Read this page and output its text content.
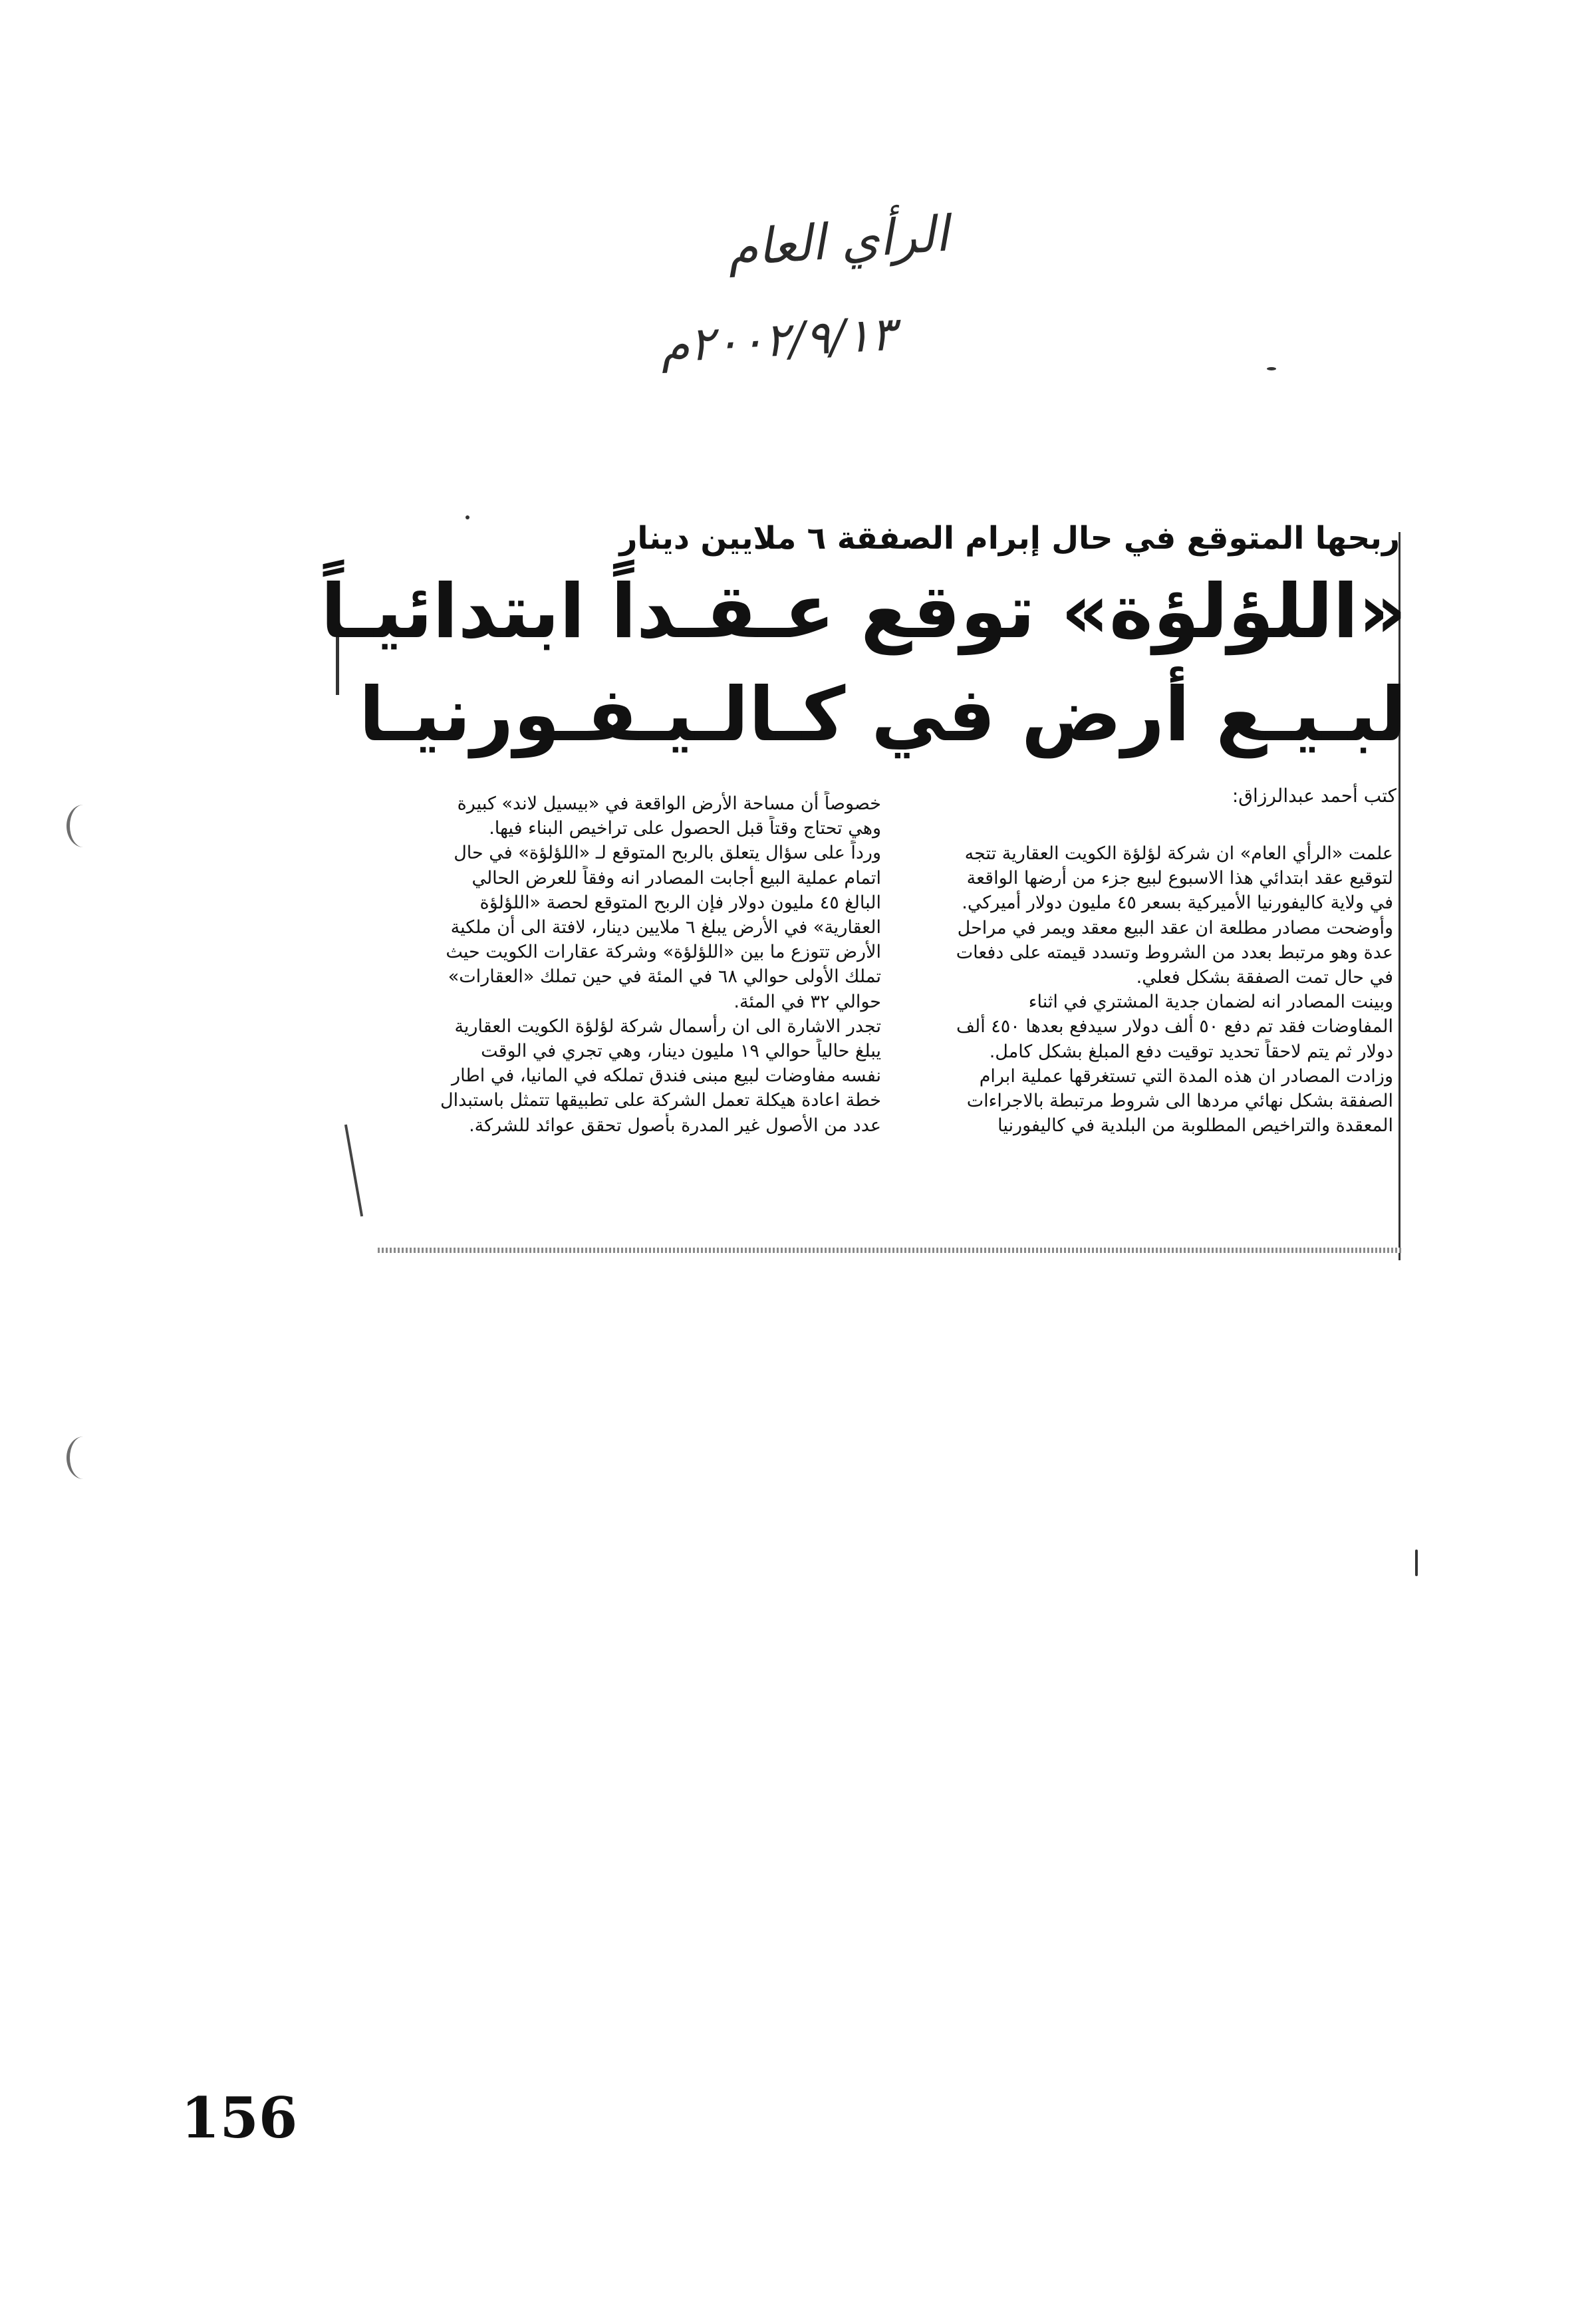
الرأي العام
٢٠٠٢/٩/١٣م
ربحها المتوقع في حال إبرام الصفقة ٦ ملايين دينار
«اللؤلؤة» توقع عـقـداً ابتدائيـاً
لبـيـع أرض في كـالـيـفـورنيـا
كتب أحمد عبدالرزاق:
علمت «الرأي العام» ان شركة لؤلؤة الكويت العقارية تتجه
لتوقيع عقد ابتدائي هذا الاسبوع لبيع جزء من أرضها الواقعة
في ولاية كاليفورنيا الأميركية بسعر ٤٥ مليون دولار أميركي.
وأوضحت مصادر مطلعة ان عقد البيع معقد ويمر في مراحل
عدة وهو مرتبط بعدد من الشروط وتسدد قيمته على دفعات
في حال تمت الصفقة بشكل فعلي.
وبينت المصادر انه لضمان جدية المشتري في اثناء
المفاوضات فقد تم دفع ٥٠ ألف دولار سيدفع بعدها ٤٥٠ ألف
دولار ثم يتم لاحقاً تحديد توقيت دفع المبلغ بشكل كامل.
وزادت المصادر ان هذه المدة التي تستغرقها عملية ابرام
الصفقة بشكل نهائي مردها الى شروط مرتبطة بالاجراءات
المعقدة والتراخيص المطلوبة من البلدية في كاليفورنيا
خصوصاً أن مساحة الأرض الواقعة في «بيسيل لاند» كبيرة
وهي تحتاج وقتاً قبل الحصول على تراخيص البناء فيها.
ورداً على سؤال يتعلق بالربح المتوقع لـ «اللؤلؤة» في حال
اتمام عملية البيع أجابت المصادر انه وفقاً للعرض الحالي
البالغ ٤٥ مليون دولار فإن الربح المتوقع لحصة «اللؤلؤة
العقارية» في الأرض يبلغ ٦ ملايين دينار، لافتة الى أن ملكية
الأرض تتوزع ما بين «اللؤلؤة» وشركة عقارات الكويت حيث
تملك الأولى حوالي ٦٨ في المئة في حين تملك «العقارات»
حوالي ٣٢ في المئة.
تجدر الاشارة الى ان رأسمال شركة لؤلؤة الكويت العقارية
يبلغ حالياً حوالي ١٩ مليون دينار، وهي تجري في الوقت
نفسه مفاوضات لبيع مبنى فندق تملكه في المانيا، في اطار
خطة اعادة هيكلة تعمل الشركة على تطبيقها تتمثل باستبدال
عدد من الأصول غير المدرة بأصول تحقق عوائد للشركة.
156
